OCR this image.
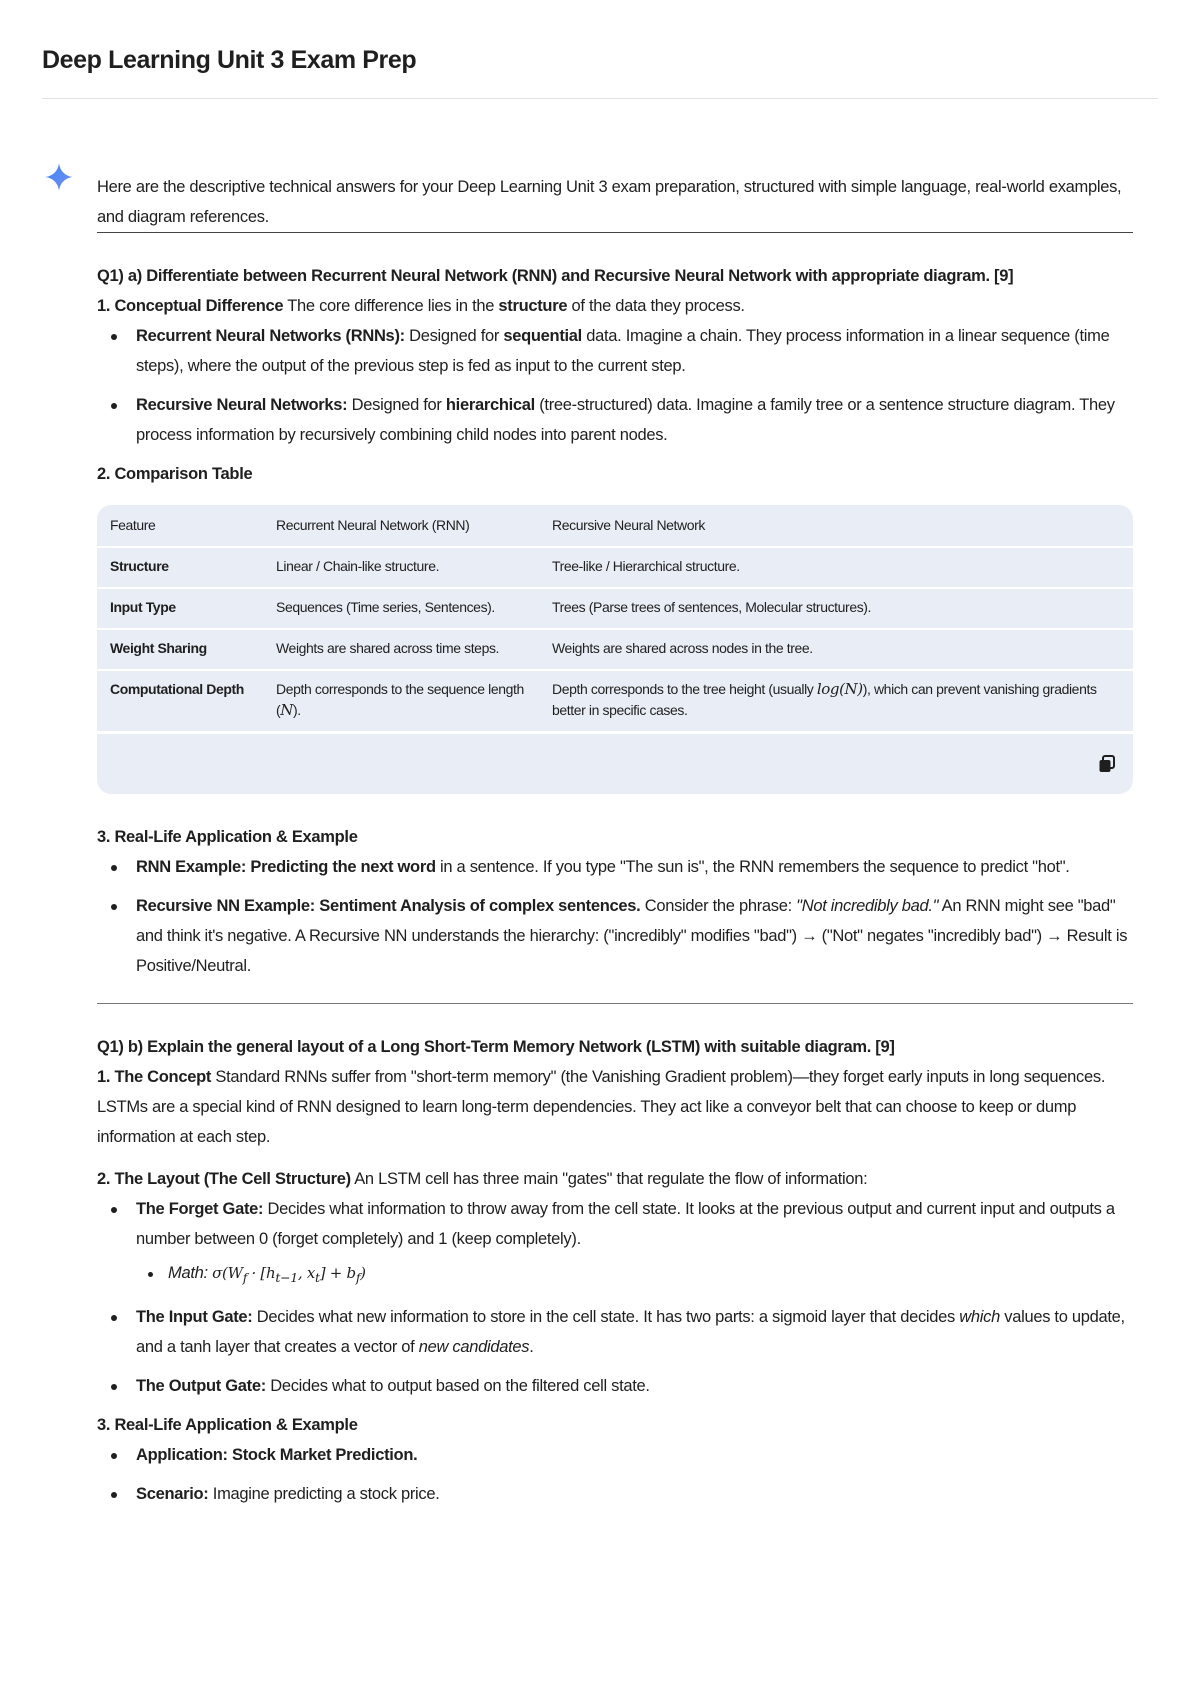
Deep Learning Unit 3 Exam Prep

Here are the descriptive technical answers for your Deep Learning Unit 3 exam preparation, structured with simple language, real-world examples, and diagram references.

Q1) a) Differentiate between Recurrent Neural Network (RNN) and Recursive Neural Network with appropriate diagram. [9]

1. Conceptual Difference The core difference lies in the structure of the data they process.

Recurrent Neural Networks (RNNs): Designed for sequential data. Imagine a chain. They process information in a linear sequence (time steps), where the output of the previous step is fed as input to the current step.
Recursive Neural Networks: Designed for hierarchical (tree-structured) data. Imagine a family tree or a sentence structure diagram. They process information by recursively combining child nodes into parent nodes.

2. Comparison Table

Feature	Recurrent Neural Network (RNN)	Recursive Neural Network
Structure	Linear / Chain-like structure.	Tree-like / Hierarchical structure.
Input Type	Sequences (Time series, Sentences).	Trees (Parse trees of sentences, Molecular structures).
Weight Sharing	Weights are shared across time steps.	Weights are shared across nodes in the tree.
Computational Depth	Depth corresponds to the sequence length (N).	Depth corresponds to the tree height (usually log(N)), which can prevent vanishing gradients better in specific cases.

3. Real-Life Application & Example

RNN Example: Predicting the next word in a sentence. If you type "The sun is", the RNN remembers the sequence to predict "hot".
Recursive NN Example: Sentiment Analysis of complex sentences. Consider the phrase: "Not incredibly bad." An RNN might see "bad" and think it's negative. A Recursive NN understands the hierarchy: ("incredibly" modifies "bad") → ("Not" negates "incredibly bad") → Result is Positive/Neutral.

Q1) b) Explain the general layout of a Long Short-Term Memory Network (LSTM) with suitable diagram. [9]

1. The Concept Standard RNNs suffer from "short-term memory" (the Vanishing Gradient problem)—they forget early inputs in long sequences. LSTMs are a special kind of RNN designed to learn long-term dependencies. They act like a conveyor belt that can choose to keep or dump information at each step.

2. The Layout (The Cell Structure) An LSTM cell has three main "gates" that regulate the flow of information:

The Forget Gate: Decides what information to throw away from the cell state. It looks at the previous output and current input and outputs a number between 0 (forget completely) and 1 (keep completely).
Math: $\sigma(W_f \cdot [h_{t-1}$, $x_t] + b_f$)
The Input Gate: Decides what new information to store in the cell state. It has two parts: a sigmoid layer that decides which values to update, and a tanh layer that creates a vector of new candidates.
The Output Gate: Decides what to output based on the filtered cell state.

3. Real-Life Application & Example

Application: Stock Market Prediction.
Scenario: Imagine predicting a stock price.
